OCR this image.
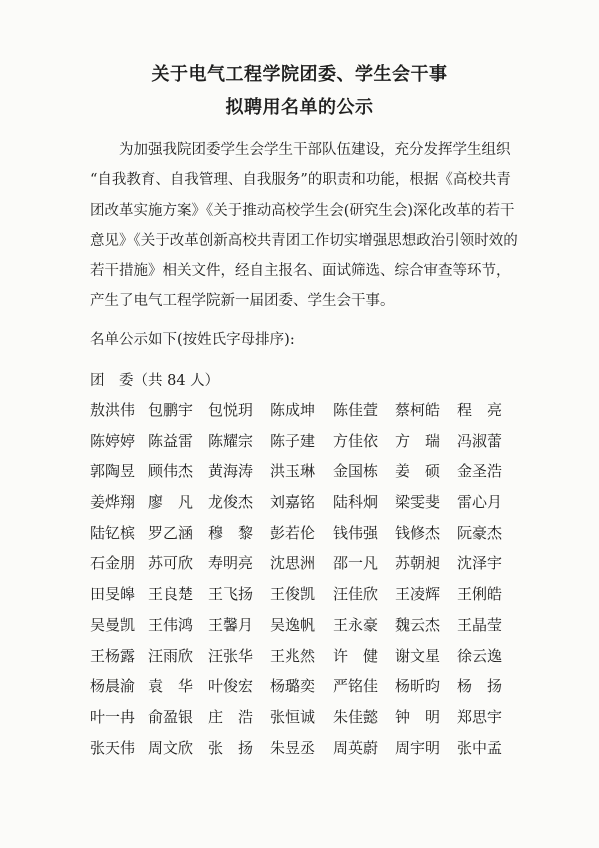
关于电气工程学院团委、学生会干事
拟聘用名单的公示
为加强我院团委学生会学生干部队伍建设，充分发挥学生组织
“自我教育、自我管理、自我服务”的职责和功能，根据《高校共青
团改革实施方案》《关于推动高校学生会(研究生会)深化改革的若干
意见》《关于改革创新高校共青团工作切实增强思想政治引领时效的
若干措施》相关文件，经自主报名、面试筛选、综合审查等环节，
产生了电气工程学院新一届团委、学生会干事。
名单公示如下(按姓氏字母排序):
团　委（共 84 人）
敖洪伟 包鹏宇 包悦玥	陈成坤	陈佳萱	蔡柯皓	程　亮
陈婷婷 陈益雷 陈耀宗	陈子建	方佳依	方　瑞	冯淑蕾
郭陶昱 顾伟杰 黄海涛	洪玉琳	金国栋	姜　硕	金圣浩
姜烨翔 廖　凡 龙俊杰	刘嘉铭	陆科炯	梁雯斐	雷心月
陆钇槟 罗乙涵 穆　黎	彭若伦	钱伟强	钱修杰	阮豪杰
石金朋 苏可欣 寿明亮	沈思洲	邵一凡	苏朝昶	沈泽宇
田旻皞 王良楚 王飞扬	王俊凯	汪佳欣	王凌辉	王俐皓
吴曼凯 王伟鸿 王馨月	吴逸帆	王永豪	魏云杰	王晶莹
王杨露 汪雨欣 汪张华	王兆然	许　健	谢文星	徐云逸
杨晨渝 袁　华 叶俊宏	杨璐奕	严铭佳	杨昕昀	杨　扬
叶一冉 俞盈银 庄　浩	张恒诚	朱佳懿	钟　明	郑思宇
张天伟 周文欣 张　扬	朱昱丞	周英蔚	周宇明	张中孟
